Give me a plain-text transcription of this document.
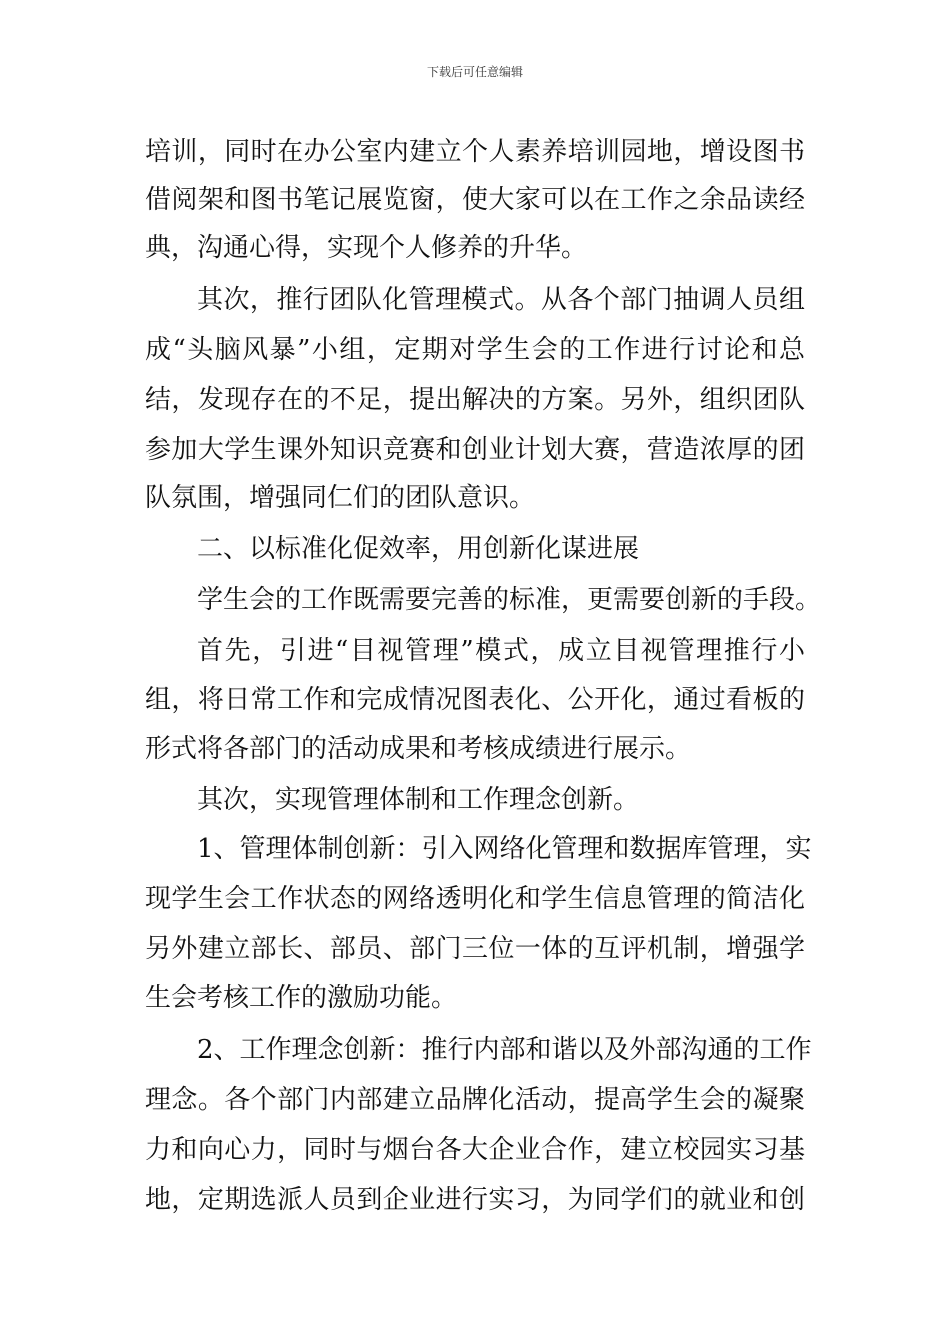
下载后可任意编辑
培训，同时在办公室内建立个人素养培训园地，增设图书
借阅架和图书笔记展览窗，使大家可以在工作之余品读经
典，沟通心得，实现个人修养的升华。
其次，推行团队化管理模式。从各个部门抽调人员组
成“头脑风暴”小组，定期对学生会的工作进行讨论和总
结，发现存在的不足，提出解决的方案。另外，组织团队
参加大学生课外知识竞赛和创业计划大赛，营造浓厚的团
队氛围，增强同仁们的团队意识。
二、以标准化促效率，用创新化谋进展
学生会的工作既需要完善的标准，更需要创新的手段。
首先，引进“目视管理”模式，成立目视管理推行小
组，将日常工作和完成情况图表化、公开化，通过看板的
形式将各部门的活动成果和考核成绩进行展示。
其次，实现管理体制和工作理念创新。
1、管理体制创新：引入网络化管理和数据库管理，实
现学生会工作状态的网络透明化和学生信息管理的简洁化
另外建立部长、部员、部门三位一体的互评机制，增强学
生会考核工作的激励功能。
2、工作理念创新：推行内部和谐以及外部沟通的工作
理念。各个部门内部建立品牌化活动，提高学生会的凝聚
力和向心力，同时与烟台各大企业合作，建立校园实习基
地，定期选派人员到企业进行实习，为同学们的就业和创
